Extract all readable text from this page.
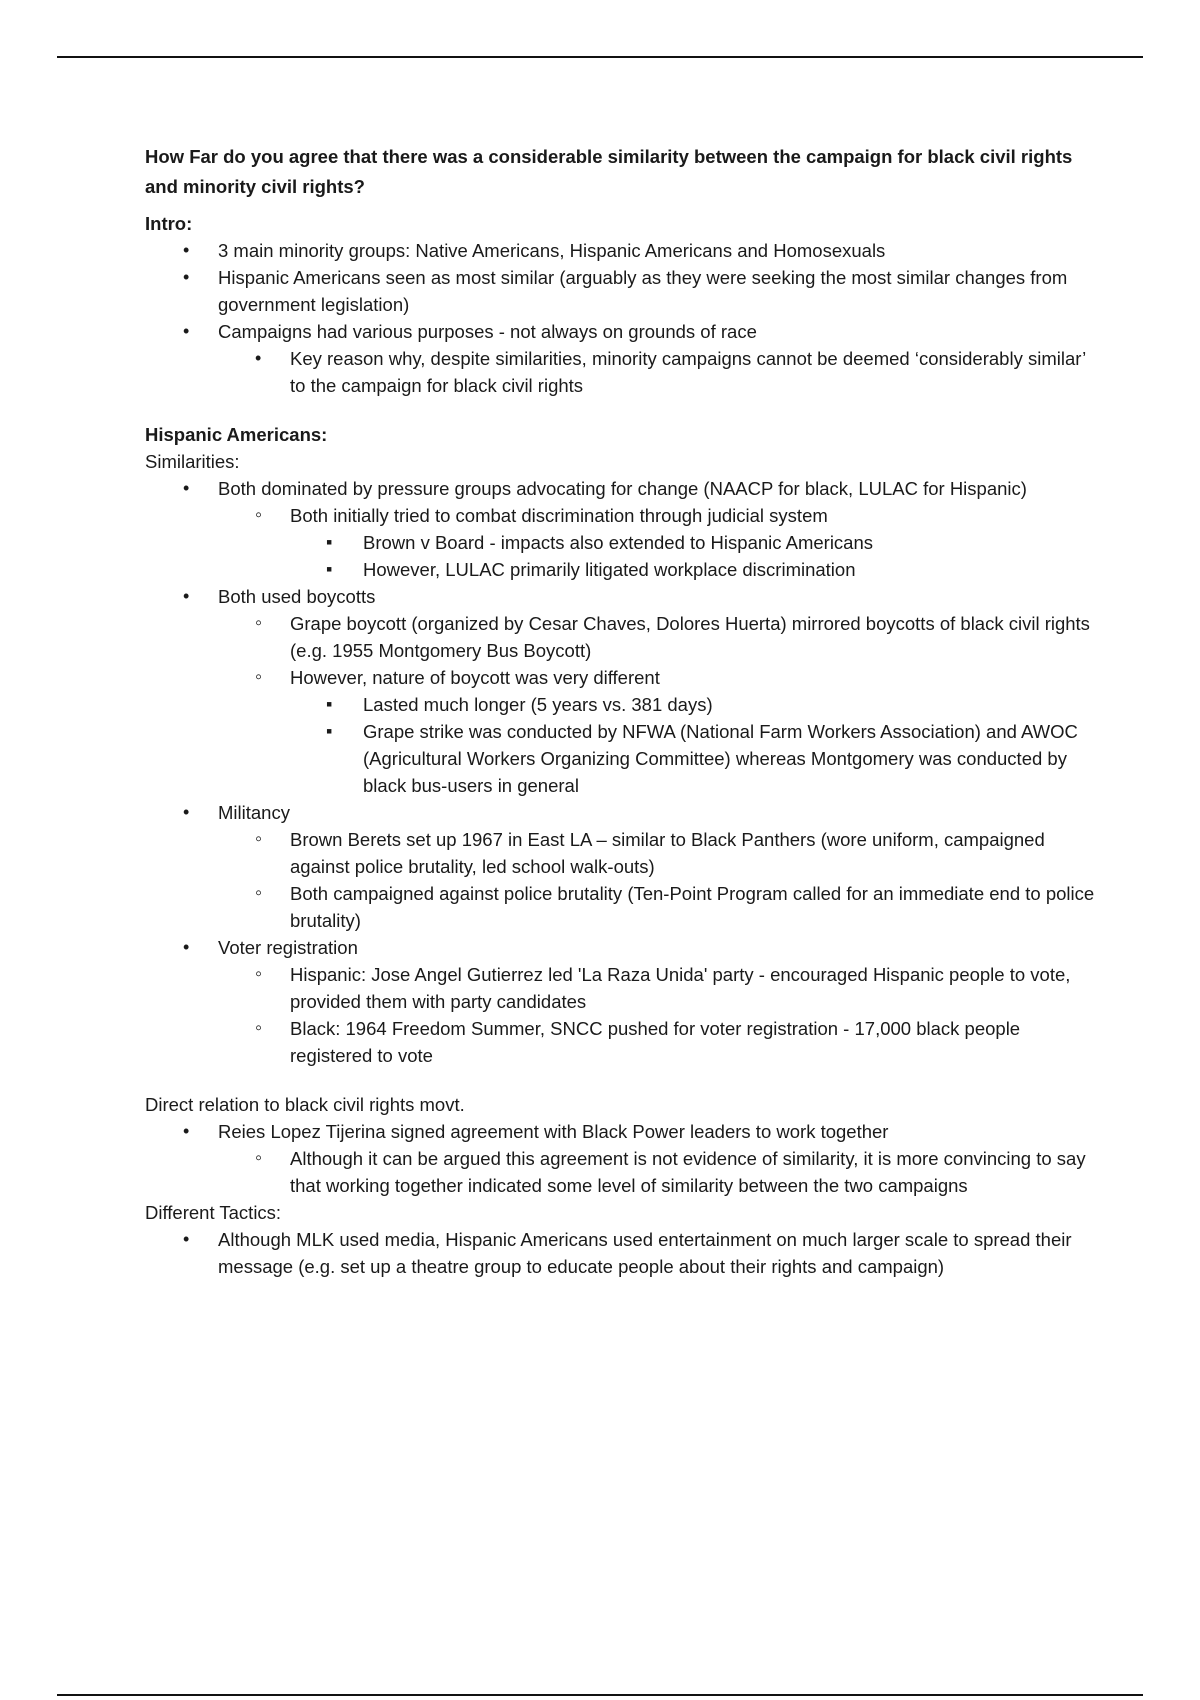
How Far do you agree that there was a considerable similarity between the campaign for black civil rights and minority civil rights?

Intro:

•
3 main minority groups: Native Americans, Hispanic Americans and Homosexuals
•
Hispanic Americans seen as most similar (arguably as they were seeking the most similar changes from government legislation)
•
Campaigns had various purposes - not always on grounds of race
•
Key reason why, despite similarities, minority campaigns cannot be deemed ‘considerably similar’ to the campaign for black civil rights

Hispanic Americans:

Similarities:

•
Both dominated by pressure groups advocating for change (NAACP for black, LULAC for Hispanic)
◦
Both initially tried to combat discrimination through judicial system
▪
Brown v Board - impacts also extended to Hispanic Americans
▪
However, LULAC primarily litigated workplace discrimination
•
Both used boycotts
◦
Grape boycott (organized by Cesar Chaves, Dolores Huerta) mirrored boycotts of black civil rights (e.g. 1955 Montgomery Bus Boycott)
◦
However, nature of boycott was very different
▪
Lasted much longer (5 years vs. 381 days)
▪
Grape strike was conducted by NFWA (National Farm Workers Association) and AWOC (Agricultural Workers Organizing Committee) whereas Montgomery was conducted by black bus-users in general
•
Militancy
◦
Brown Berets set up 1967 in East LA – similar to Black Panthers (wore uniform, campaigned against police brutality, led school walk-outs)
◦
Both campaigned against police brutality (Ten-Point Program called for an immediate end to police brutality)
•
Voter registration
◦
Hispanic: Jose Angel Gutierrez led 'La Raza Unida' party - encouraged Hispanic people to vote, provided them with party candidates
◦
Black: 1964 Freedom Summer, SNCC pushed for voter registration - 17,000 black people registered to vote

Direct relation to black civil rights movt.

•
Reies Lopez Tijerina signed agreement with Black Power leaders to work together
◦
Although it can be argued this agreement is not evidence of similarity, it is more convincing to say that working together indicated some level of similarity between the two campaigns

Different Tactics:

•
Although MLK used media, Hispanic Americans used entertainment on much larger scale to spread their message (e.g. set up a theatre group to educate people about their rights and campaign)
